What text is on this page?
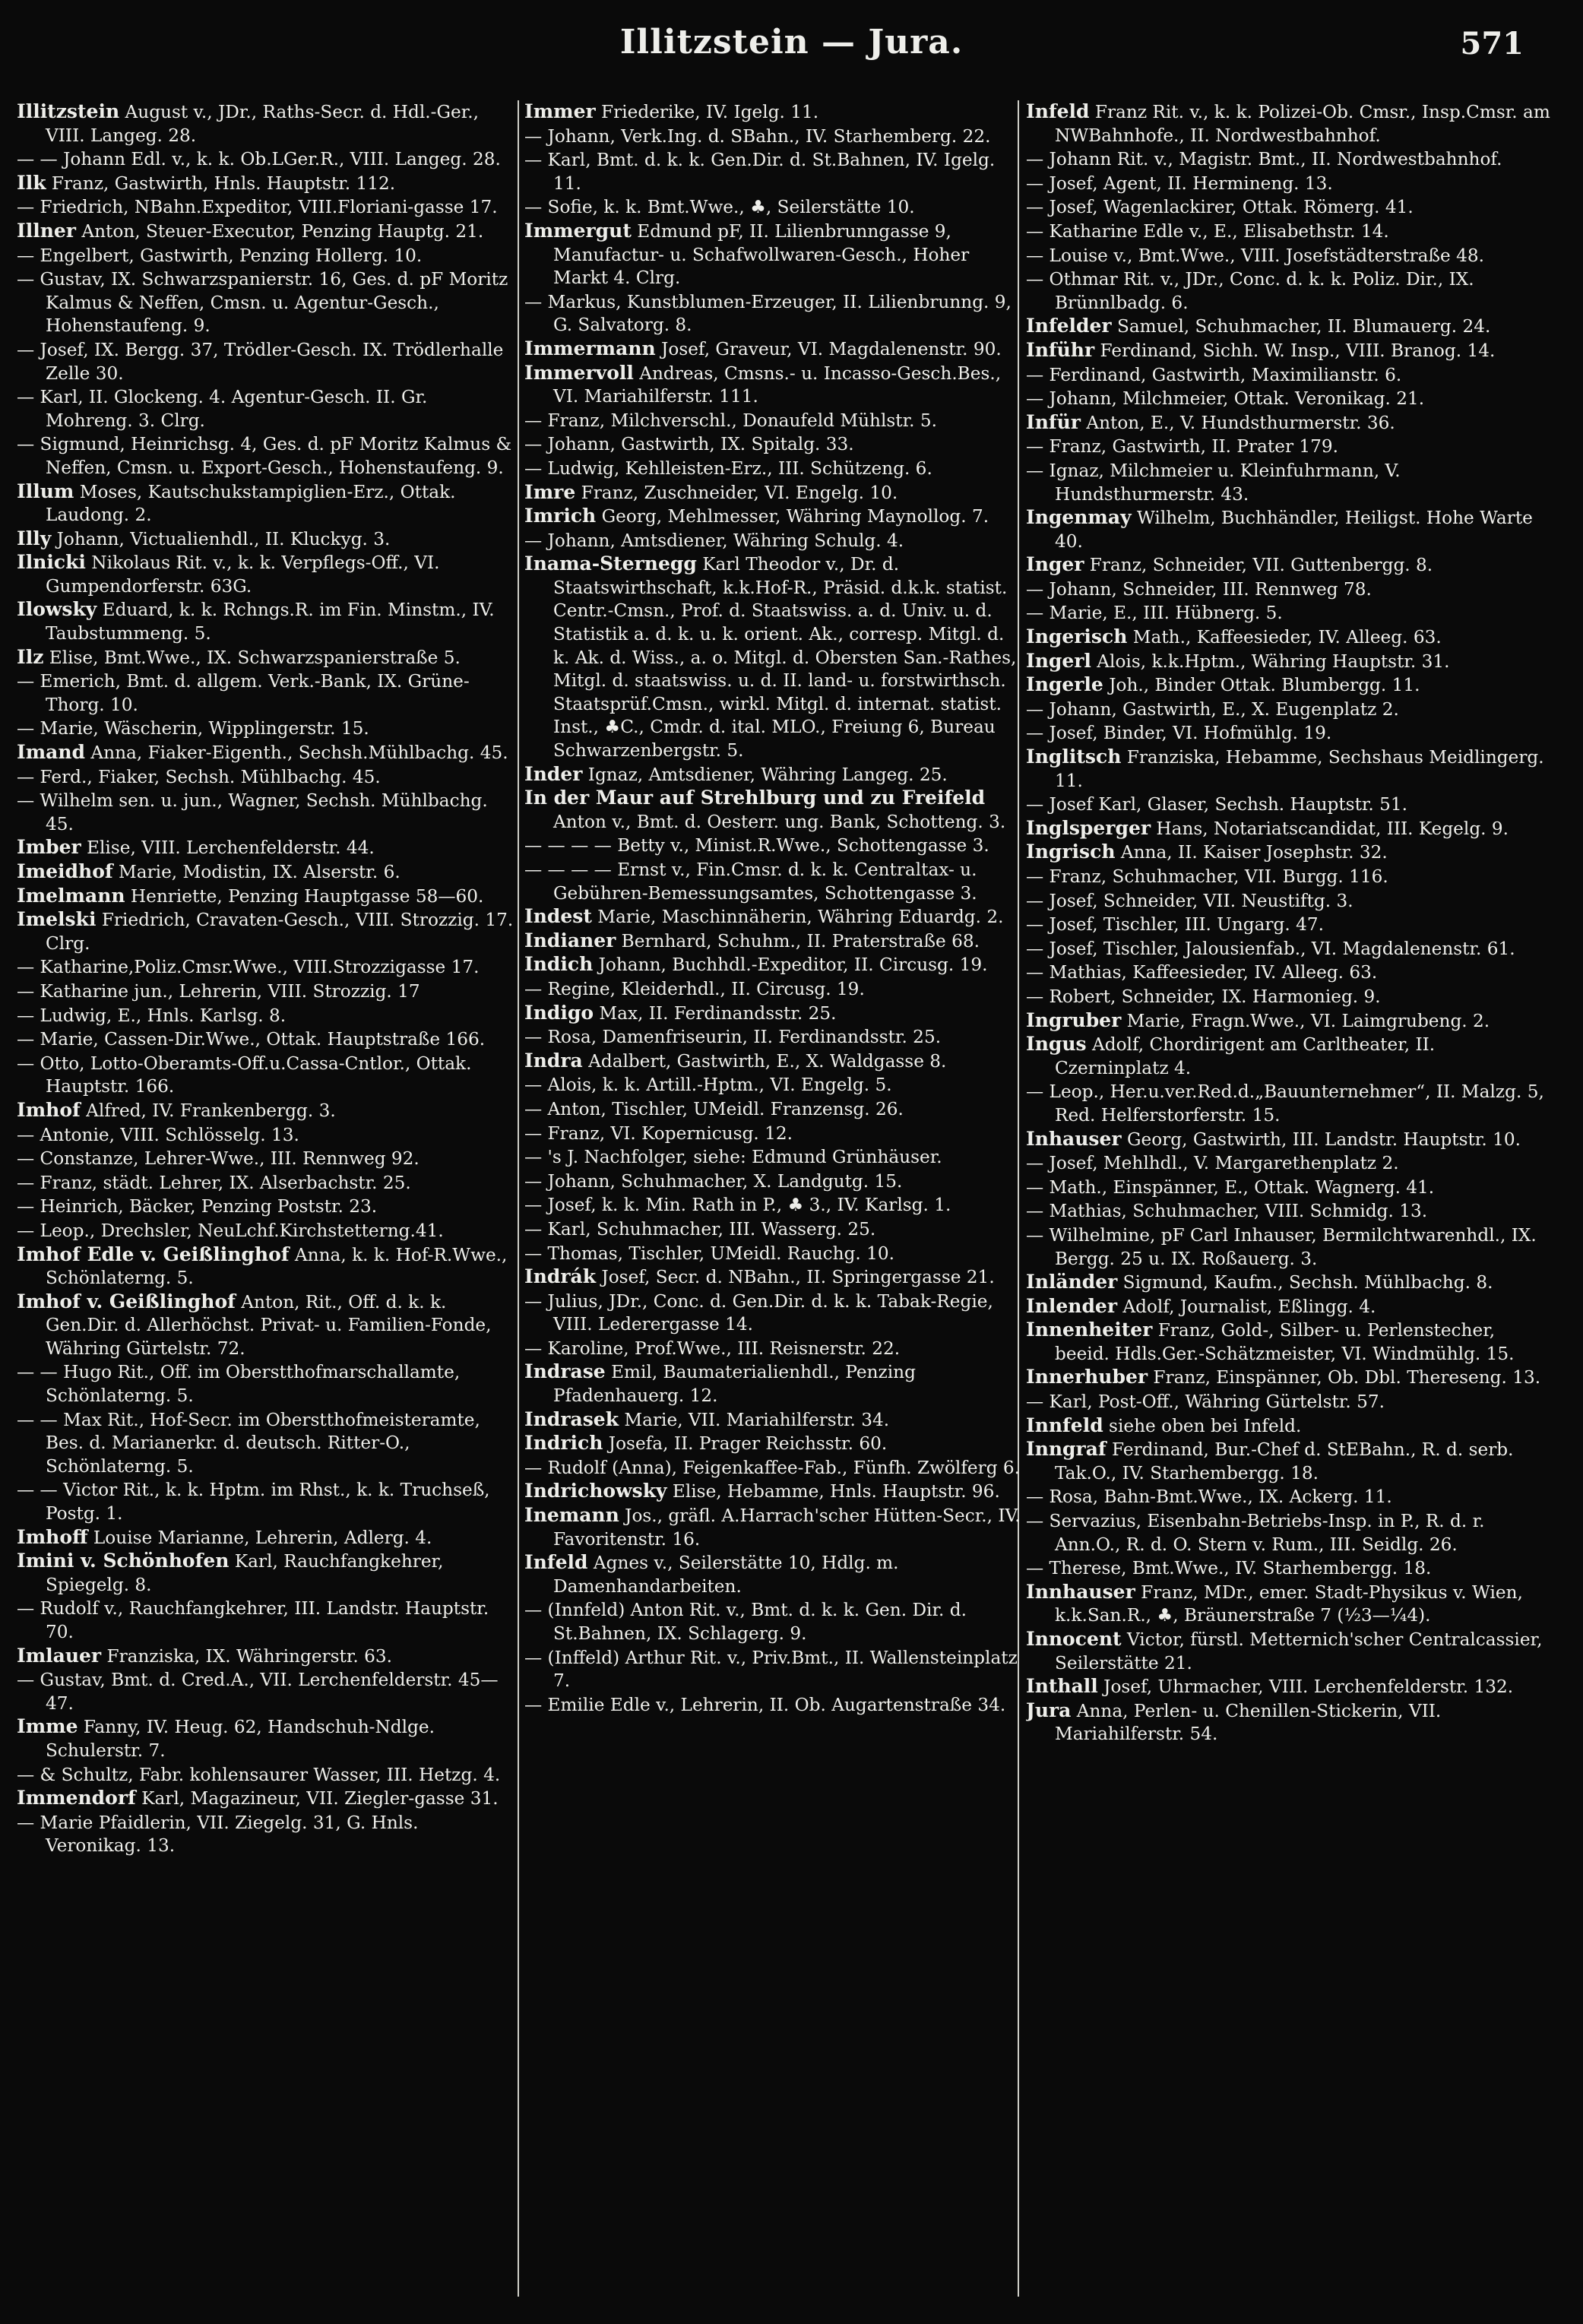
Illitzstein — Jura.	571

Illitzstein August v., JDr., Raths-Secr. d. Hdl.-Ger., VIII. Langeg. 28.

— — Johann Edl. v., k. k. Ob.LGer.R., VIII. Langeg. 28.

Ilk Franz, Gastwirth, Hnls. Hauptstr. 112.

— Friedrich, NBahn.Expeditor, VIII.Floriani-gasse 17.

Illner Anton, Steuer-Executor, Penzing Hauptg. 21.

— Engelbert, Gastwirth, Penzing Hollerg. 10.

— Gustav, IX. Schwarzspanierstr. 16, Ges. d. pF Moritz Kalmus & Neffen, Cmsn. u. Agentur-Gesch., Hohenstaufeng. 9.

— Josef, IX. Bergg. 37, Trödler-Gesch. IX. Trödlerhalle Zelle 30.

— Karl, II. Glockeng. 4. Agentur-Gesch. II. Gr. Mohreng. 3. Clrg.

— Sigmund, Heinrichsg. 4, Ges. d. pF Moritz Kalmus & Neffen, Cmsn. u. Export-Gesch., Hohenstaufeng. 9.

Illum Moses, Kautschukstampiglien-Erz., Ottak. Laudong. 2.

Illy Johann, Victualienhdl., II. Kluckyg. 3.

Ilnicki Nikolaus Rit. v., k. k. Verpflegs-Off., VI. Gumpendorferstr. 63G.

Ilowsky Eduard, k. k. Rchngs.R. im Fin. Minstm., IV. Taubstummeng. 5.

Ilz Elise, Bmt.Wwe., IX. Schwarzspanierstraße 5.

— Emerich, Bmt. d. allgem. Verk.-Bank, IX. Grüne-Thorg. 10.

— Marie, Wäscherin, Wipplingerstr. 15.

Imand Anna, Fiaker-Eigenth., Sechsh.Mühlbachg. 45.

— Ferd., Fiaker, Sechsh. Mühlbachg. 45.

— Wilhelm sen. u. jun., Wagner, Sechsh. Mühlbachg. 45.

Imber Elise, VIII. Lerchenfelderstr. 44.

Imeidhof Marie, Modistin, IX. Alserstr. 6.

Imelmann Henriette, Penzing Hauptgasse 58—60.

Imelski Friedrich, Cravaten-Gesch., VIII. Strozzig. 17. Clrg.

— Katharine,Poliz.Cmsr.Wwe., VIII.Strozzigasse 17.

— Katharine jun., Lehrerin, VIII. Strozzig. 17

— Ludwig, E., Hnls. Karlsg. 8.

— Marie, Cassen-Dir.Wwe., Ottak. Hauptstraße 166.

— Otto, Lotto-Oberamts-Off.u.Cassa-Cntlor., Ottak. Hauptstr. 166.

Imhof Alfred, IV. Frankenbergg. 3.

— Antonie, VIII. Schlösselg. 13.

— Constanze, Lehrer-Wwe., III. Rennweg 92.

— Franz, städt. Lehrer, IX. Alserbachstr. 25.

— Heinrich, Bäcker, Penzing Poststr. 23.

— Leop., Drechsler, NeuLchf.Kirchstetterng.41.

Imhof Edle v. Geißlinghof Anna, k. k. Hof-R.Wwe., Schönlaterng. 5.

Imhof v. Geißlinghof Anton, Rit., Off. d. k. k. Gen.Dir. d. Allerhöchst. Privat- u. Familien-Fonde, Währing Gürtelstr. 72.

— — Hugo Rit., Off. im Oberstthofmarschallamte, Schönlaterng. 5.

— — Max Rit., Hof-Secr. im Oberstthofmeisteramte, Bes. d. Marianerkr. d. deutsch. Ritter-O., Schönlaterng. 5.

— — Victor Rit., k. k. Hptm. im Rhst., k. k. Truchseß, Postg. 1.

Imhoff Louise Marianne, Lehrerin, Adlerg. 4.

Imini v. Schönhofen Karl, Rauchfangkehrer, Spiegelg. 8.

— Rudolf v., Rauchfangkehrer, III. Landstr. Hauptstr. 70.

Imlauer Franziska, IX. Währingerstr. 63.

— Gustav, Bmt. d. Cred.A., VII. Lerchenfelderstr. 45—47.

Imme Fanny, IV. Heug. 62, Handschuh-Ndlge. Schulerstr. 7.

— & Schultz, Fabr. kohlensaurer Wasser, III. Hetzg. 4.

Immendorf Karl, Magazineur, VII. Ziegler-gasse 31.

— Marie Pfaidlerin, VII. Ziegelg. 31, G. Hnls. Veronikag. 13.

Immer Friederike, IV. Igelg. 11.

— Johann, Verk.Ing. d. SBahn., IV. Starhemberg. 22.

— Karl, Bmt. d. k. k. Gen.Dir. d. St.Bahnen, IV. Igelg. 11.

— Sofie, k. k. Bmt.Wwe., ♣, Seilerstätte 10.

Immergut Edmund pF, II. Lilienbrunngasse 9, Manufactur- u. Schafwollwaren-Gesch., Hoher Markt 4. Clrg.

— Markus, Kunstblumen-Erzeuger, II. Lilienbrunng. 9, G. Salvatorg. 8.

Immermann Josef, Graveur, VI. Magdalenenstr. 90.

Immervoll Andreas, Cmsns.- u. Incasso-Gesch.Bes., VI. Mariahilferstr. 111.

— Franz, Milchverschl., Donaufeld Mühlstr. 5.

— Johann, Gastwirth, IX. Spitalg. 33.

— Ludwig, Kehlleisten-Erz., III. Schützeng. 6.

Imre Franz, Zuschneider, VI. Engelg. 10.

Imrich Georg, Mehlmesser, Währing Maynollog. 7.

— Johann, Amtsdiener, Währing Schulg. 4.

Inama-Sternegg Karl Theodor v., Dr. d. Staatswirthschaft, k.k.Hof-R., Präsid. d.k.k. statist. Centr.-Cmsn., Prof. d. Staatswiss. a. d. Univ. u. d. Statistik a. d. k. u. k. orient. Ak., corresp. Mitgl. d. k. Ak. d. Wiss., a. o. Mitgl. d. Obersten San.-Rathes, Mitgl. d. staatswiss. u. d. II. land- u. forstwirthsch. Staatsprüf.Cmsn., wirkl. Mitgl. d. internat. statist. Inst., ♣C., Cmdr. d. ital. MLO., Freiung 6, Bureau Schwarzenbergstr. 5.

Inder Ignaz, Amtsdiener, Währing Langeg. 25.

In der Maur auf Strehlburg und zu Freifeld Anton v., Bmt. d. Oesterr. ung. Bank, Schotteng. 3.

— — — — Betty v., Minist.R.Wwe., Schottengasse 3.

— — — — Ernst v., Fin.Cmsr. d. k. k. Centraltax- u. Gebühren-Bemessungsamtes, Schottengasse 3.

Indest Marie, Maschinnäherin, Währing Eduardg. 2.

Indianer Bernhard, Schuhm., II. Praterstraße 68.

Indich Johann, Buchhdl.-Expeditor, II. Circusg. 19.

— Regine, Kleiderhdl., II. Circusg. 19.

Indigo Max, II. Ferdinandsstr. 25.

— Rosa, Damenfriseurin, II. Ferdinandsstr. 25.

Indra Adalbert, Gastwirth, E., X. Waldgasse 8.

— Alois, k. k. Artill.-Hptm., VI. Engelg. 5.

— Anton, Tischler, UMeidl. Franzensg. 26.

— Franz, VI. Kopernicusg. 12.

— 's J. Nachfolger, siehe: Edmund Grünhäuser.

— Johann, Schuhmacher, X. Landgutg. 15.

— Josef, k. k. Min. Rath in P., ♣ 3., IV. Karlsg. 1.

— Karl, Schuhmacher, III. Wasserg. 25.

— Thomas, Tischler, UMeidl. Rauchg. 10.

Indrák Josef, Secr. d. NBahn., II. Springergasse 21.

— Julius, JDr., Conc. d. Gen.Dir. d. k. k. Tabak-Regie, VIII. Lederergasse 14.

— Karoline, Prof.Wwe., III. Reisnerstr. 22.

Indrase Emil, Baumaterialienhdl., Penzing Pfadenhauerg. 12.

Indrasek Marie, VII. Mariahilferstr. 34.

Indrich Josefa, II. Prager Reichsstr. 60.

— Rudolf (Anna), Feigenkaffee-Fab., Fünfh. Zwölferg 6.

Indrichowsky Elise, Hebamme, Hnls. Hauptstr. 96.

Inemann Jos., gräfl. A.Harrach'scher Hütten-Secr., IV. Favoritenstr. 16.

Infeld Agnes v., Seilerstätte 10, Hdlg. m. Damenhandarbeiten.

— (Innfeld) Anton Rit. v., Bmt. d. k. k. Gen. Dir. d. St.Bahnen, IX. Schlagerg. 9.

— (Inffeld) Arthur Rit. v., Priv.Bmt., II. Wallensteinplatz 7.

— Emilie Edle v., Lehrerin, II. Ob. Augartenstraße 34.

Infeld Franz Rit. v., k. k. Polizei-Ob. Cmsr., Insp.Cmsr. am NWBahnhofe., II. Nordwestbahnhof.

— Johann Rit. v., Magistr. Bmt., II. Nordwestbahnhof.

— Josef, Agent, II. Hermineng. 13.

— Josef, Wagenlackirer, Ottak. Römerg. 41.

— Katharine Edle v., E., Elisabethstr. 14.

— Louise v., Bmt.Wwe., VIII. Josefstädterstraße 48.

— Othmar Rit. v., JDr., Conc. d. k. k. Poliz. Dir., IX. Brünnlbadg. 6.

Infelder Samuel, Schuhmacher, II. Blumauerg. 24.

Inführ Ferdinand, Sichh. W. Insp., VIII. Branog. 14.

— Ferdinand, Gastwirth, Maximilianstr. 6.

— Johann, Milchmeier, Ottak. Veronikag. 21.

Infür Anton, E., V. Hundsthurmerstr. 36.

— Franz, Gastwirth, II. Prater 179.

— Ignaz, Milchmeier u. Kleinfuhrmann, V. Hundsthurmerstr. 43.

Ingenmay Wilhelm, Buchhändler, Heiligst. Hohe Warte 40.

Inger Franz, Schneider, VII. Guttenbergg. 8.

— Johann, Schneider, III. Rennweg 78.

— Marie, E., III. Hübnerg. 5.

Ingerisch Math., Kaffeesieder, IV. Alleeg. 63.

Ingerl Alois, k.k.Hptm., Währing Hauptstr. 31.

Ingerle Joh., Binder Ottak. Blumbergg. 11.

— Johann, Gastwirth, E., X. Eugenplatz 2.

— Josef, Binder, VI. Hofmühlg. 19.

Inglitsch Franziska, Hebamme, Sechshaus Meidlingerg. 11.

— Josef Karl, Glaser, Sechsh. Hauptstr. 51.

Inglsperger Hans, Notariatscandidat, III. Kegelg. 9.

Ingrisch Anna, II. Kaiser Josephstr. 32.

— Franz, Schuhmacher, VII. Burgg. 116.

— Josef, Schneider, VII. Neustiftg. 3.

— Josef, Tischler, III. Ungarg. 47.

— Josef, Tischler, Jalousienfab., VI. Magdalenenstr. 61.

— Mathias, Kaffeesieder, IV. Alleeg. 63.

— Robert, Schneider, IX. Harmonieg. 9.

Ingruber Marie, Fragn.Wwe., VI. Laimgrubeng. 2.

Ingus Adolf, Chordirigent am Carltheater, II. Czerninplatz 4.

— Leop., Her.u.ver.Red.d.„Bauunternehmer“, II. Malzg. 5, Red. Helferstorferstr. 15.

Inhauser Georg, Gastwirth, III. Landstr. Hauptstr. 10.

— Josef, Mehlhdl., V. Margarethenplatz 2.

— Math., Einspänner, E., Ottak. Wagnerg. 41.

— Mathias, Schuhmacher, VIII. Schmidg. 13.

— Wilhelmine, pF Carl Inhauser, Bermilchtwarenhdl., IX. Bergg. 25 u. IX. Roßauerg. 3.

Inländer Sigmund, Kaufm., Sechsh. Mühlbachg. 8.

Inlender Adolf, Journalist, Eßlingg. 4.

Innenheiter Franz, Gold-, Silber- u. Perlenstecher, beeid. Hdls.Ger.-Schätzmeister, VI. Windmühlg. 15.

Innerhuber Franz, Einspänner, Ob. Dbl. Thereseng. 13.

— Karl, Post-Off., Währing Gürtelstr. 57.

Innfeld siehe oben bei Infeld.

Inngraf Ferdinand, Bur.-Chef d. StEBahn., R. d. serb. Tak.O., IV. Starhembergg. 18.

— Rosa, Bahn-Bmt.Wwe., IX. Ackerg. 11.

— Servazius, Eisenbahn-Betriebs-Insp. in P., R. d. r. Ann.O., R. d. O. Stern v. Rum., III. Seidlg. 26.

— Therese, Bmt.Wwe., IV. Starhembergg. 18.

Innhauser Franz, MDr., emer. Stadt-Physikus v. Wien, k.k.San.R., ♣, Bräunerstraße 7 (½3—¼4).

Innocent Victor, fürstl. Metternich'scher Centralcassier, Seilerstätte 21.

Inthall Josef, Uhrmacher, VIII. Lerchenfelderstr. 132.

Jura Anna, Perlen- u. Chenillen-Stickerin, VII. Mariahilferstr. 54.
